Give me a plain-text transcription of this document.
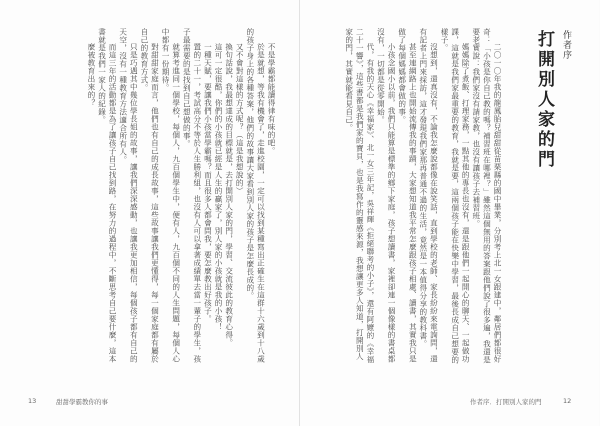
不是學霸都能讀得律有味的吧。

於是就想，等我有機會了，走進校園，一定可以找到某種寫出正確生在這群十六歲到十八歲的孩子身上的各種答案，他們的故事讓大家看到別人家的孩子是怎麼長成的。

又不會對這樣的方式呢？（這是我想說的）

換句話說，我最想達成的目標就是，去打開別人家的門，學習、交流彼此的教育心得。

這可一定很酷，你們的小孩就已經是人生的贏家了，別人家的小孩就是我的小孩！

一種天賦，要讓我們小孩當學霸嗎？而且很多人都會問我，要怎麼教出好孩子。

置的二十一，考試高分不等於人生勝利組，也沒有人可以拿著成績單去當一輩子的學生，孩子最需要的是找到自己想做的事。

就算考進同一個學校，每個人，九百個學生中，便有人，九百個不同的人生問題，每個人心中都有一份期待。

對甜甜家庭而言，他們也有自己的成長故事，這些故事讓我們更懂得，每一個家庭都有屬於自己的教育方式。

只是巧遇其中幾位學長姐的故事，讓我們深深感動，也讓我更加相信，每個孩子都有自己的天空，沒有一種教育方法適合所有人。

而這三年的活動都是為了讓孩子自己找到路，在努力的過程中，不斷思考自己要什麼，這本書就是我們一家人的紀錄。

麼被教育出來的？

13	甜甜學霸教你的事

二〇一〇年我的龍鳳胎兒甜甜從苗栗縣的國中畢業，分別考上北一女跟建中，鄰居們都很好奇：「小孩是你自己教的嗎？補習班在哪裡？」雖然這個無用的答案跟他們說了很多遍，我還是要老實說：我們家沒有請家教，也沒有讓孩子去補習班。

媽媽除了煮飯、打理家務，一點其他的專長也沒有，還是跟他們一起開心的聊天、一起做功課，這就是我們家最重要的教育，我就是要，這兩個孩子能在快樂中學習，最後長成自己想要的樣子。

沒想到，還真沒有，不論我怎麼說都像在說笑話，直到學校的老師、家長紛紛來電詢問，還有記者上門來採訪，這才發現我們家那再普通不過的生活，竟然是一本值得分享的教科書。

甚至連網路上也開始流傳我的事蹟，大家想知道我平常怎麼跟孩子相處、讀書，其實我只是做了每個媽媽都會做的事。

小孩念國小以前，我們只能算是標準的鄉下家庭，孩子想讀書，家裡卻連一個像樣的書桌都沒有，一切都是從零開始。

代，有我的天心《幸福家》、北一女三年記，吳祥輝《拒絕聯考的小子》，還有阿嬤的《幸福二十一響》，這些書都是我們家的寶貝，也是我寫作的靈感來源，我想讓更多人知道，打開別人家的門，其實就能看見自己。	作者序
打開別人家的門
作者序．打開別人家的門	12
